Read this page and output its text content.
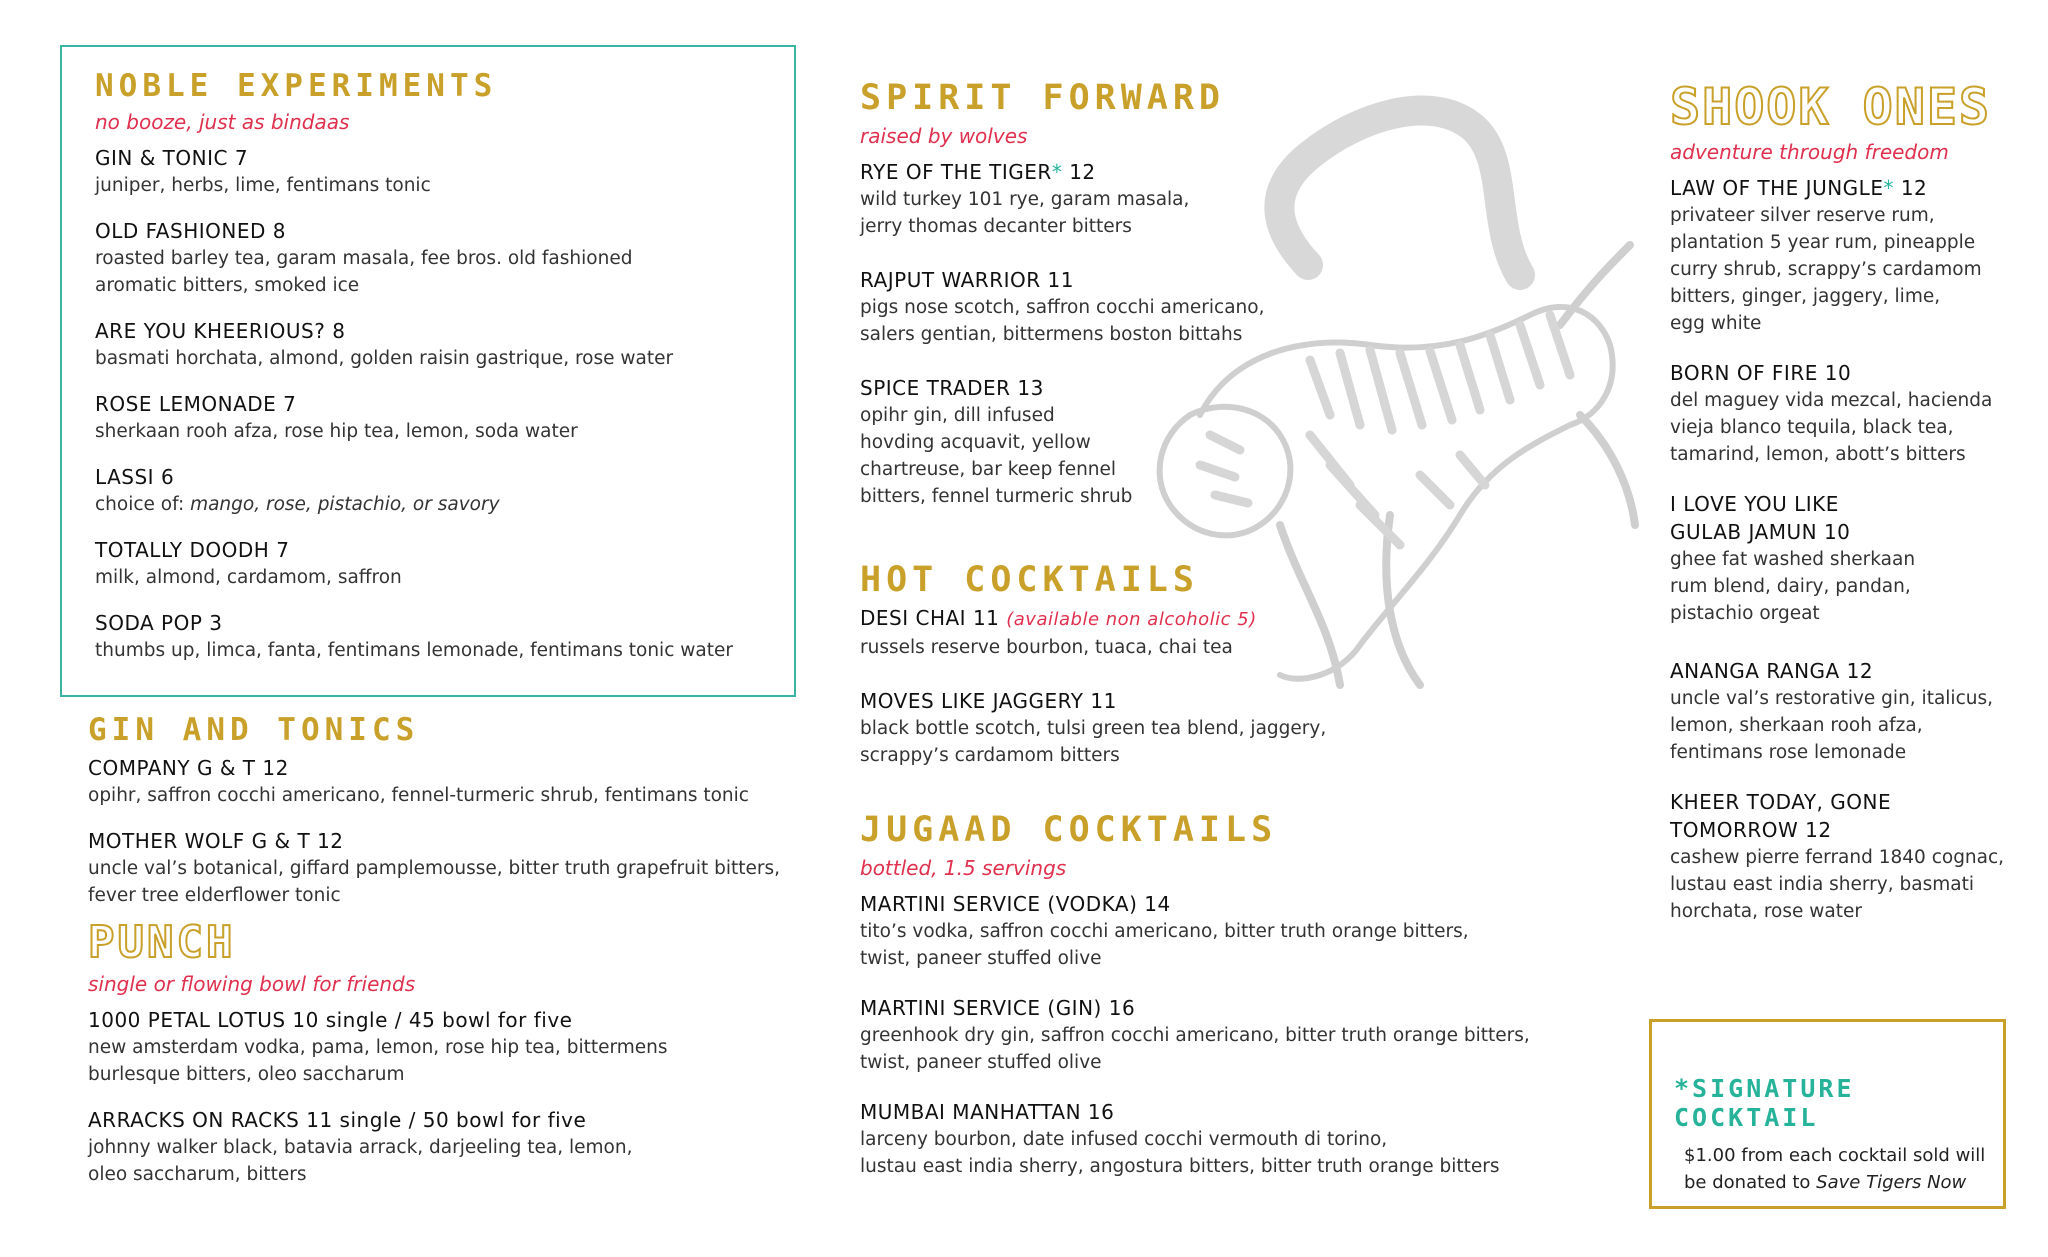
NOBLE EXPERIMENTS
no booze, just as bindaas
GIN & TONIC 7
juniper, herbs, lime, fentimans tonic
OLD FASHIONED 8
roasted barley tea, garam masala, fee bros. old fashioned
aromatic bitters, smoked ice
ARE YOU KHEERIOUS? 8
basmati horchata, almond, golden raisin gastrique, rose water
ROSE LEMONADE 7
sherkaan rooh afza, rose hip tea, lemon, soda water
LASSI 6
choice of: mango, rose, pistachio, or savory
TOTALLY DOODH 7
milk, almond, cardamom, saffron
SODA POP 3
thumbs up, limca, fanta, fentimans lemonade, fentimans tonic water
GIN AND TONICS
COMPANY G & T 12
opihr, saffron cocchi americano, fennel-turmeric shrub, fentimans tonic
MOTHER WOLF G & T 12
uncle val’s botanical, giffard pamplemousse, bitter truth grapefruit bitters,
fever tree elderflower tonic
PUNCH
single or flowing bowl for friends
1000 PETAL LOTUS 10 single / 45 bowl for five
new amsterdam vodka, pama, lemon, rose hip tea, bittermens
burlesque bitters, oleo saccharum
ARRACKS ON RACKS 11 single / 50 bowl for five
johnny walker black, batavia arrack, darjeeling tea, lemon,
oleo saccharum, bitters
SPIRIT FORWARD
raised by wolves
RYE OF THE TIGER* 12
wild turkey 101 rye, garam masala,
jerry thomas decanter bitters
RAJPUT WARRIOR 11
pigs nose scotch, saffron cocchi americano,
salers gentian, bittermens boston bittahs
SPICE TRADER 13
opihr gin, dill infused
hovding acquavit, yellow
chartreuse, bar keep fennel
bitters, fennel turmeric shrub
HOT COCKTAILS
DESI CHAI 11 (available non alcoholic 5)
russels reserve bourbon, tuaca, chai tea
MOVES LIKE JAGGERY 11
black bottle scotch, tulsi green tea blend, jaggery,
scrappy’s cardamom bitters
JUGAAD COCKTAILS
bottled, 1.5 servings
MARTINI SERVICE (VODKA) 14
tito’s vodka, saffron cocchi americano, bitter truth orange bitters,
twist, paneer stuffed olive
MARTINI SERVICE (GIN) 16
greenhook dry gin, saffron cocchi americano, bitter truth orange bitters,
twist, paneer stuffed olive
MUMBAI MANHATTAN 16
larceny bourbon, date infused cocchi vermouth di torino,
lustau east india sherry, angostura bitters, bitter truth orange bitters
SHOOK ONES
adventure through freedom
LAW OF THE JUNGLE* 12
privateer silver reserve rum,
plantation 5 year rum, pineapple
curry shrub, scrappy’s cardamom
bitters, ginger, jaggery, lime,
egg white
BORN OF FIRE 10
del maguey vida mezcal, hacienda
vieja blanco tequila, black tea,
tamarind, lemon, abott’s bitters
I LOVE YOU LIKE
GULAB JAMUN 10
ghee fat washed sherkaan
rum blend, dairy, pandan,
pistachio orgeat
ANANGA RANGA 12
uncle val’s restorative gin, italicus,
lemon, sherkaan rooh afza,
fentimans rose lemonade
KHEER TODAY, GONE
TOMORROW 12
cashew pierre ferrand 1840 cognac,
lustau east india sherry, basmati
horchata, rose water
*SIGNATURE COCKTAIL
$1.00 from each cocktail sold will
be donated to Save Tigers Now
